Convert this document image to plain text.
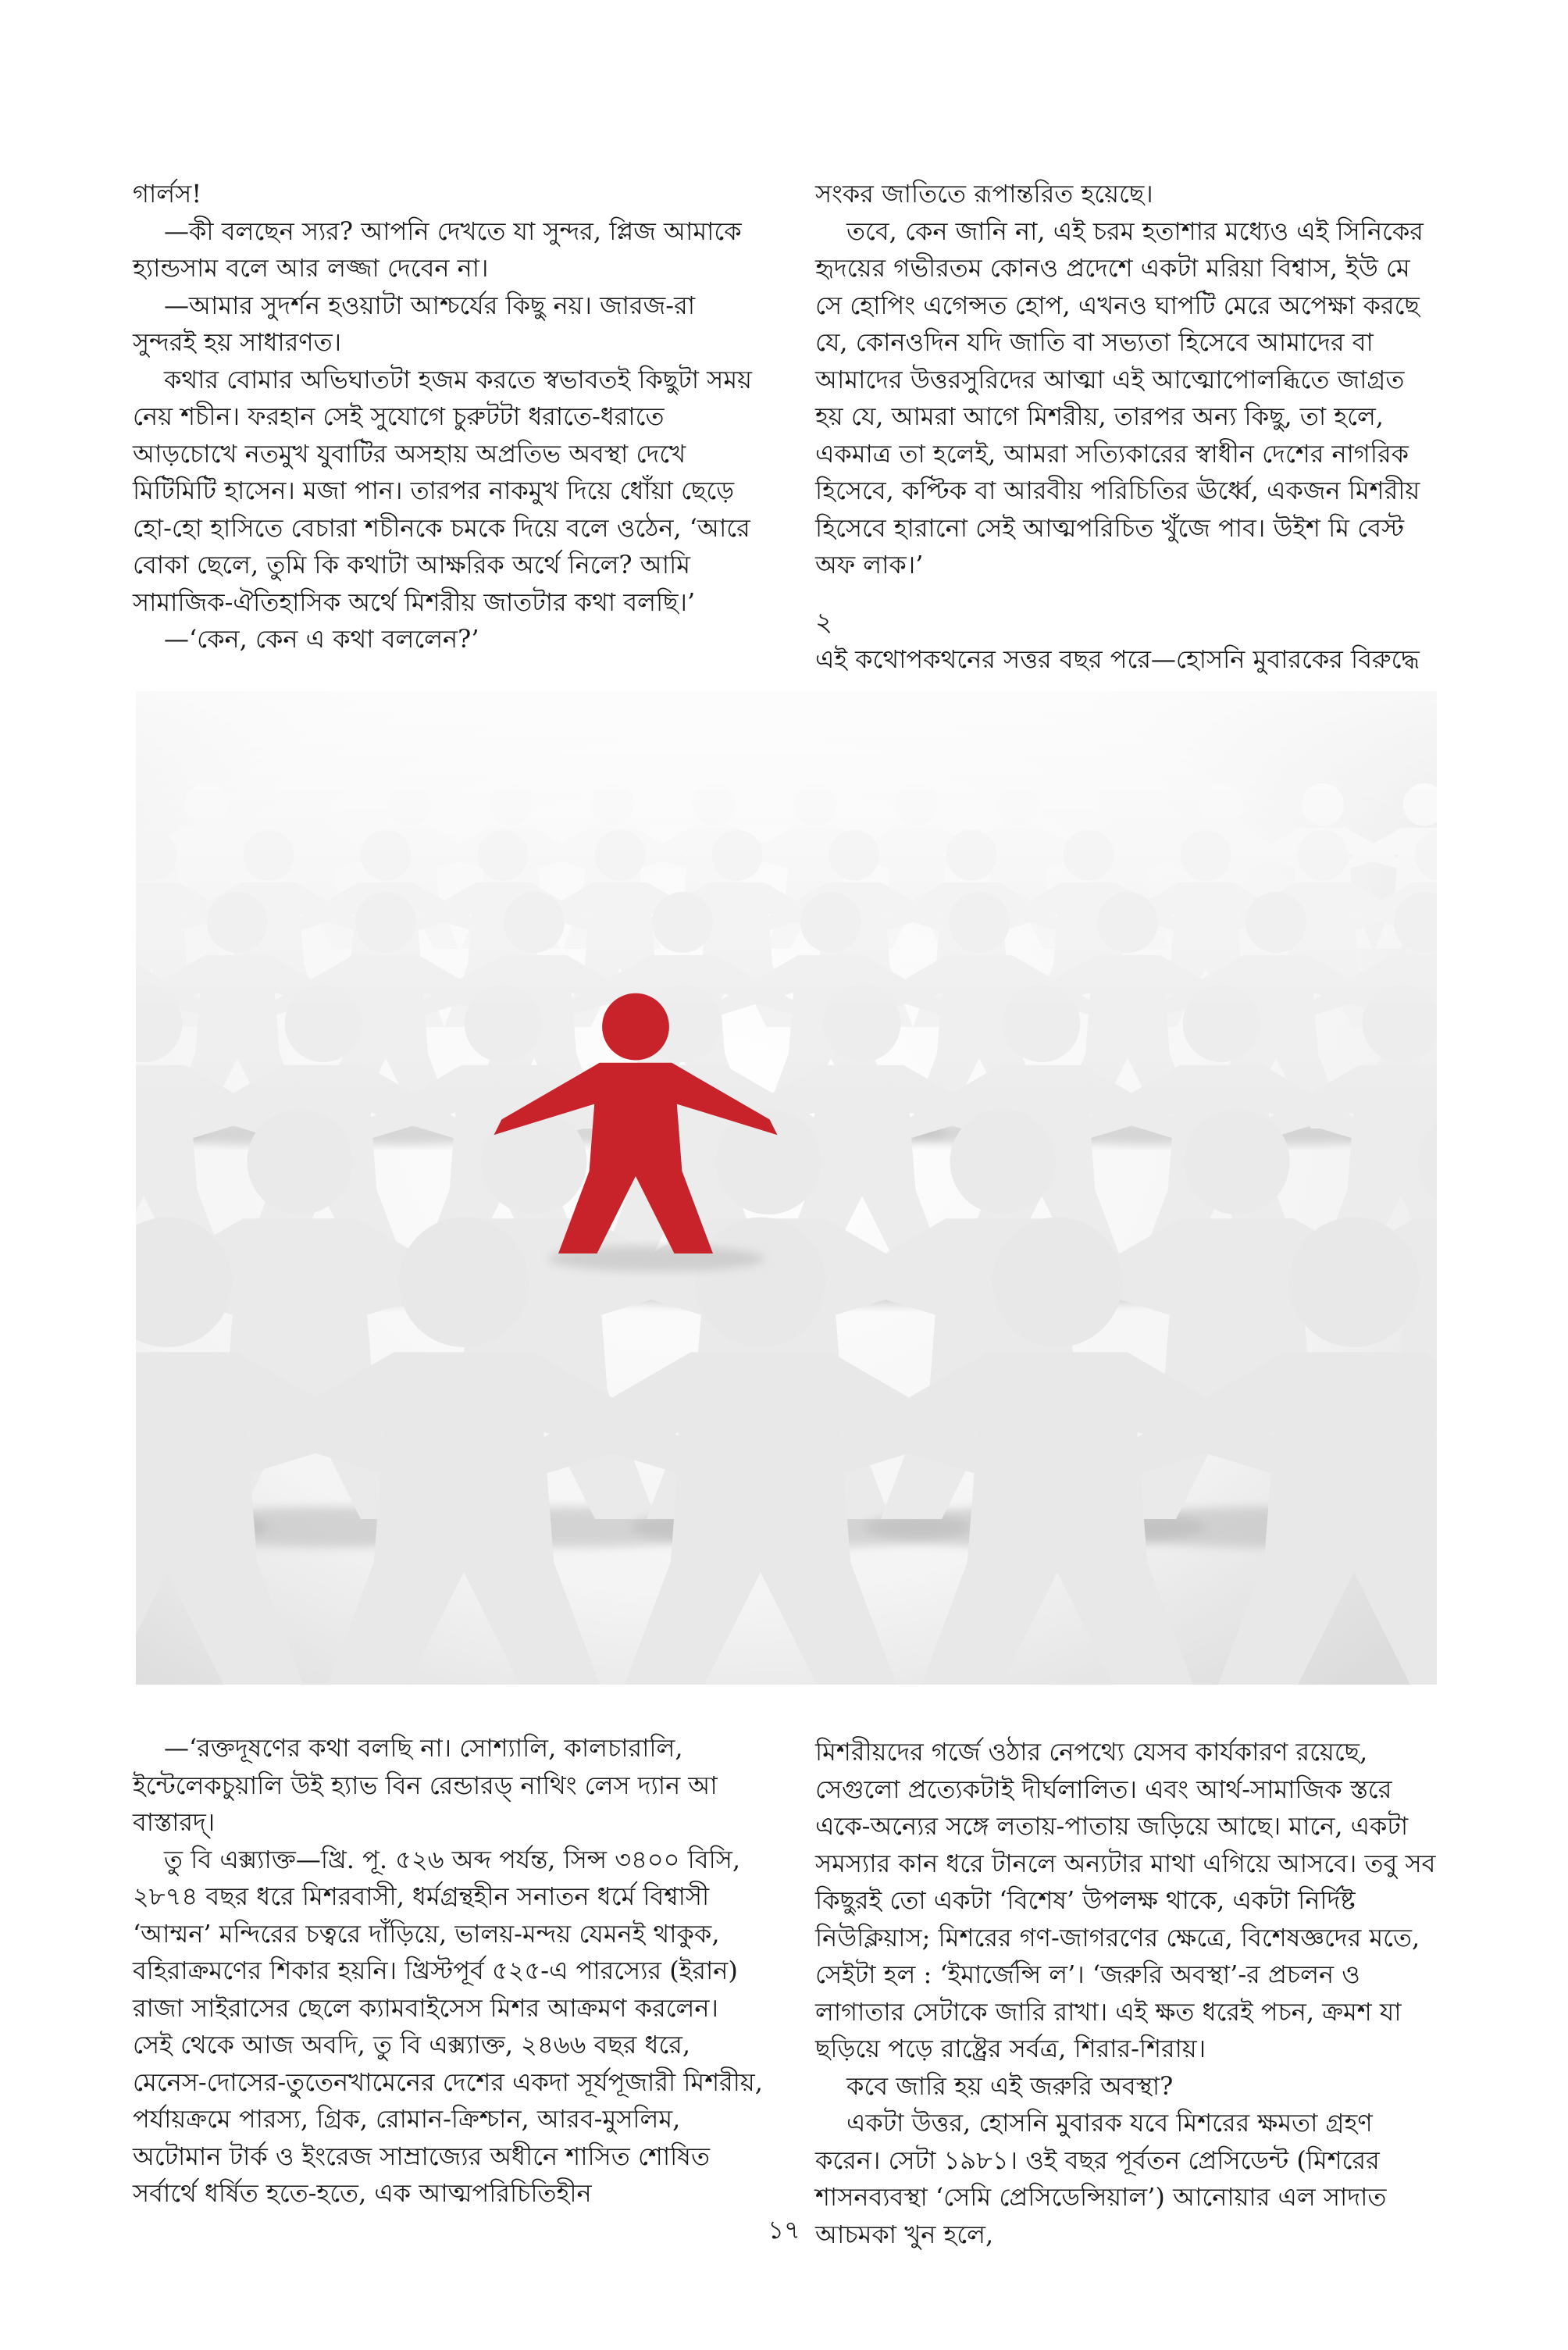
গার্লস!

—কী বলছেন স্যর? আপনি দেখতে যা সুন্দর, প্লিজ আমাকে হ্যান্ডসাম বলে আর লজ্জা দেবেন না।

—আমার সুদর্শন হওয়াটা আশ্চর্যের কিছু নয়। জারজ-রা সুন্দরই হয় সাধারণত।

কথার বোমার অভিঘাতটা হজম করতে স্বভাবতই কিছুটা সময় নেয় শচীন। ফরহান সেই সুযোগে চুরুটটা ধরাতে-ধরাতে আড়চোখে নতমুখ যুবাটির অসহায় অপ্রতিভ অবস্থা দেখে মিটিমিটি হাসেন। মজা পান। তারপর নাকমুখ দিয়ে ধোঁয়া ছেড়ে হো-হো হাসিতে বেচারা শচীনকে চমকে দিয়ে বলে ওঠেন, ‘আরে বোকা ছেলে, তুমি কি কথাটা আক্ষরিক অর্থে নিলে? আমি সামাজিক-ঐতিহাসিক অর্থে মিশরীয় জাতটার কথা বলছি।’

—‘কেন, কেন এ কথা বললেন?’

সংকর জাতিতে রূপান্তরিত হয়েছে।

তবে, কেন জানি না, এই চরম হতাশার মধ্যেও এই সিনিকের হৃদয়ের গভীরতম কোনও প্রদেশে একটা মরিয়া বিশ্বাস, ইউ মে সে হোপিং এগেন্সত হোপ, এখনও ঘাপটি মেরে অপেক্ষা করছে যে, কোনওদিন যদি জাতি বা সভ্যতা হিসেবে আমাদের বা আমাদের উত্তরসুরিদের আত্মা এই আত্মোপোলব্ধিতে জাগ্রত হয় যে, আমরা আগে মিশরীয়, তারপর অন্য কিছু, তা হলে, একমাত্র তা হলেই, আমরা সত্যিকারের স্বাধীন দেশের নাগরিক হিসেবে, কপ্টিক বা আরবীয় পরিচিতির ঊর্ধ্বে, একজন মিশরীয় হিসেবে হারানো সেই আত্মপরিচিত খুঁজে পাব। উইশ মি বেস্ট অফ লাক।’

২

এই কথোপকথনের সত্তর বছর পরে—হোসনি মুবারকের বিরুদ্ধে

—‘রক্তদূষণের কথা বলছি না। সোশ্যালি, কালচারালি, ইন্টেলেকচুয়ালি উই হ্যাভ বিন রেন্ডারড্ নাথিং লেস দ্যান আ বাস্তারদ্।

তু বি এক্স্যাক্ত—খ্রি. পূ. ৫২৬ অব্দ পর্যন্ত, সিন্স ৩৪০০ বিসি, ২৮৭৪ বছর ধরে মিশরবাসী, ধর্মগ্রন্থহীন সনাতন ধর্মে বিশ্বাসী ‘আম্মন’ মন্দিরের চত্বরে দাঁড়িয়ে, ভালয়-মন্দয় যেমনই থাকুক, বহিরাক্রমণের শিকার হয়নি। খ্রিস্টপূর্ব ৫২৫-এ পারস্যের (ইরান) রাজা সাইরাসের ছেলে ক্যামবাইসেস মিশর আক্রমণ করলেন। সেই থেকে আজ অবদি, তু বি এক্স্যাক্ত, ২৪৬৬ বছর ধরে, মেনেস-দোসের-তুতেনখামেনের দেশের একদা সূর্যপূজারী মিশরীয়, পর্যায়ক্রমে পারস্য, গ্রিক, রোমান-ক্রিশ্চান, আরব-মুসলিম, অটোমান টার্ক ও ইংরেজ সাম্রাজ্যের অধীনে শাসিত শোষিত সর্বার্থে ধর্ষিত হতে-হতে, এক আত্মপরিচিতিহীন

মিশরীয়দের গর্জে ওঠার নেপথ্যে যেসব কার্যকারণ রয়েছে, সেগুলো প্রত্যেকটাই দীর্ঘলালিত। এবং আর্থ-সামাজিক স্তরে একে-অন্যের সঙ্গে লতায়-পাতায় জড়িয়ে আছে। মানে, একটা সমস্যার কান ধরে টানলে অন্যটার মাথা এগিয়ে আসবে। তবু সব কিছুরই তো একটা ‘বিশেষ’ উপলক্ষ থাকে, একটা নির্দিষ্ট নিউক্লিয়াস; মিশরের গণ-জাগরণের ক্ষেত্রে, বিশেষজ্ঞদের মতে, সেইটা হল : ‘ইমার্জেন্সি ল’। ‘জরুরি অবস্থা’-র প্রচলন ও লাগাতার সেটাকে জারি রাখা। এই ক্ষত ধরেই পচন, ক্রমশ যা ছড়িয়ে পড়ে রাষ্ট্রের সর্বত্র, শিরার-শিরায়।

কবে জারি হয় এই জরুরি অবস্থা?

একটা উত্তর, হোসনি মুবারক যবে মিশরের ক্ষমতা গ্রহণ করেন। সেটা ১৯৮১। ওই বছর পূর্বতন প্রেসিডেন্ট (মিশরের শাসনব্যবস্থা ‘সেমি প্রেসিডেন্সিয়াল’) আনোয়ার এল সাদাত আচমকা খুন হলে,

১৭
